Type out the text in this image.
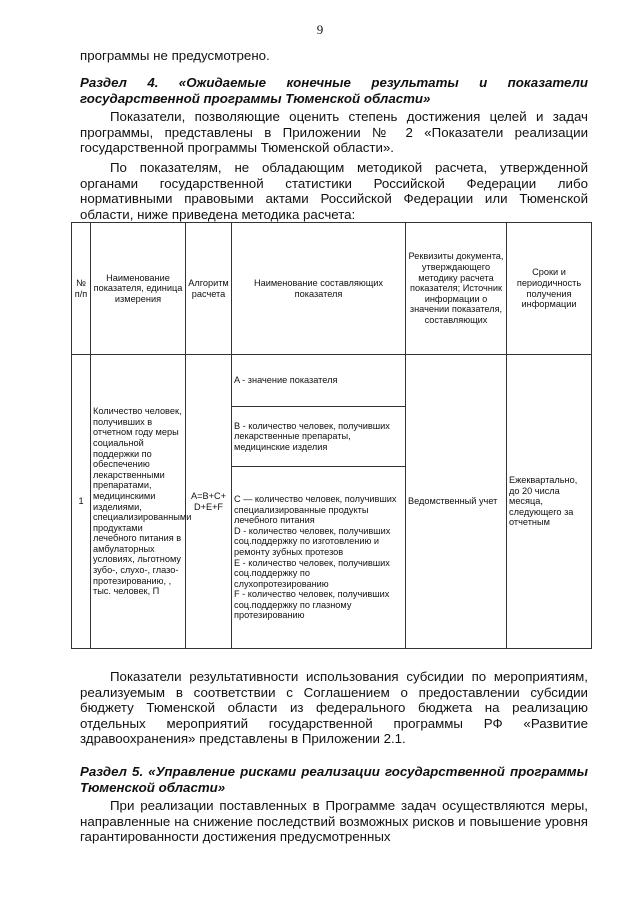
9

программы не предусмотрено.

Раздел 4. «Ожидаемые конечные результаты и показатели государственной программы Тюменской области»

Показатели, позволяющие оценить степень достижения целей и задач программы, представлены в Приложении № 2 «Показатели реализации государственной программы Тюменской области».

По показателям, не обладающим методикой расчета, утвержденной органами государственной статистики Российской Федерации либо нормативными правовыми актами Российской Федерации или Тюменской области, ниже приведена методика расчета:

№ п/п	Наименование показателя, единица измерения	Алгоритм расчета	Наименование составляющих показателя	Реквизиты документа, утверждающего методику расчета показателя; Источник информации о значении показателя, составляющих	Сроки и периодичность получения информации
1	Количество человек, получивших в отчетном году меры социальной поддержки по обеспечению лекарственными препаратами, медицинскими изделиями, специализированными продуктами лечебного питания в амбулаторных условиях, льготному зубо-, слухо-, глазо-протезированию, , тыс. человек, П	A=B+C+ D+E+F	A - значение показателя	Ведомственный учет	Ежеквартально, до 20 числа месяца, следующего за отчетным
			B - количество человек, получивших лекарственные препараты, медицинские изделия		

			C — количество человек, получивших специализированные продукты лечебного питания
D - количество человек, получивших соц.поддержку по изготовлению и ремонту зубных протезов
E - количество человек, получивших соц.поддержку по слухопротезированию
F - количество человек, получивших соц.поддержку по глазному протезированию		

Показатели результативности использования субсидии по мероприятиям, реализуемым в соответствии с Соглашением о предоставлении субсидии бюджету Тюменской области из федерального бюджета на реализацию отдельных мероприятий государственной программы РФ «Развитие здравоохранения» представлены в Приложении 2.1.

Раздел 5. «Управление рисками реализации государственной программы Тюменской области»

При реализации поставленных в Программе задач осуществляются меры, направленные на снижение последствий возможных рисков и повышение уровня гарантированности достижения предусмотренных
